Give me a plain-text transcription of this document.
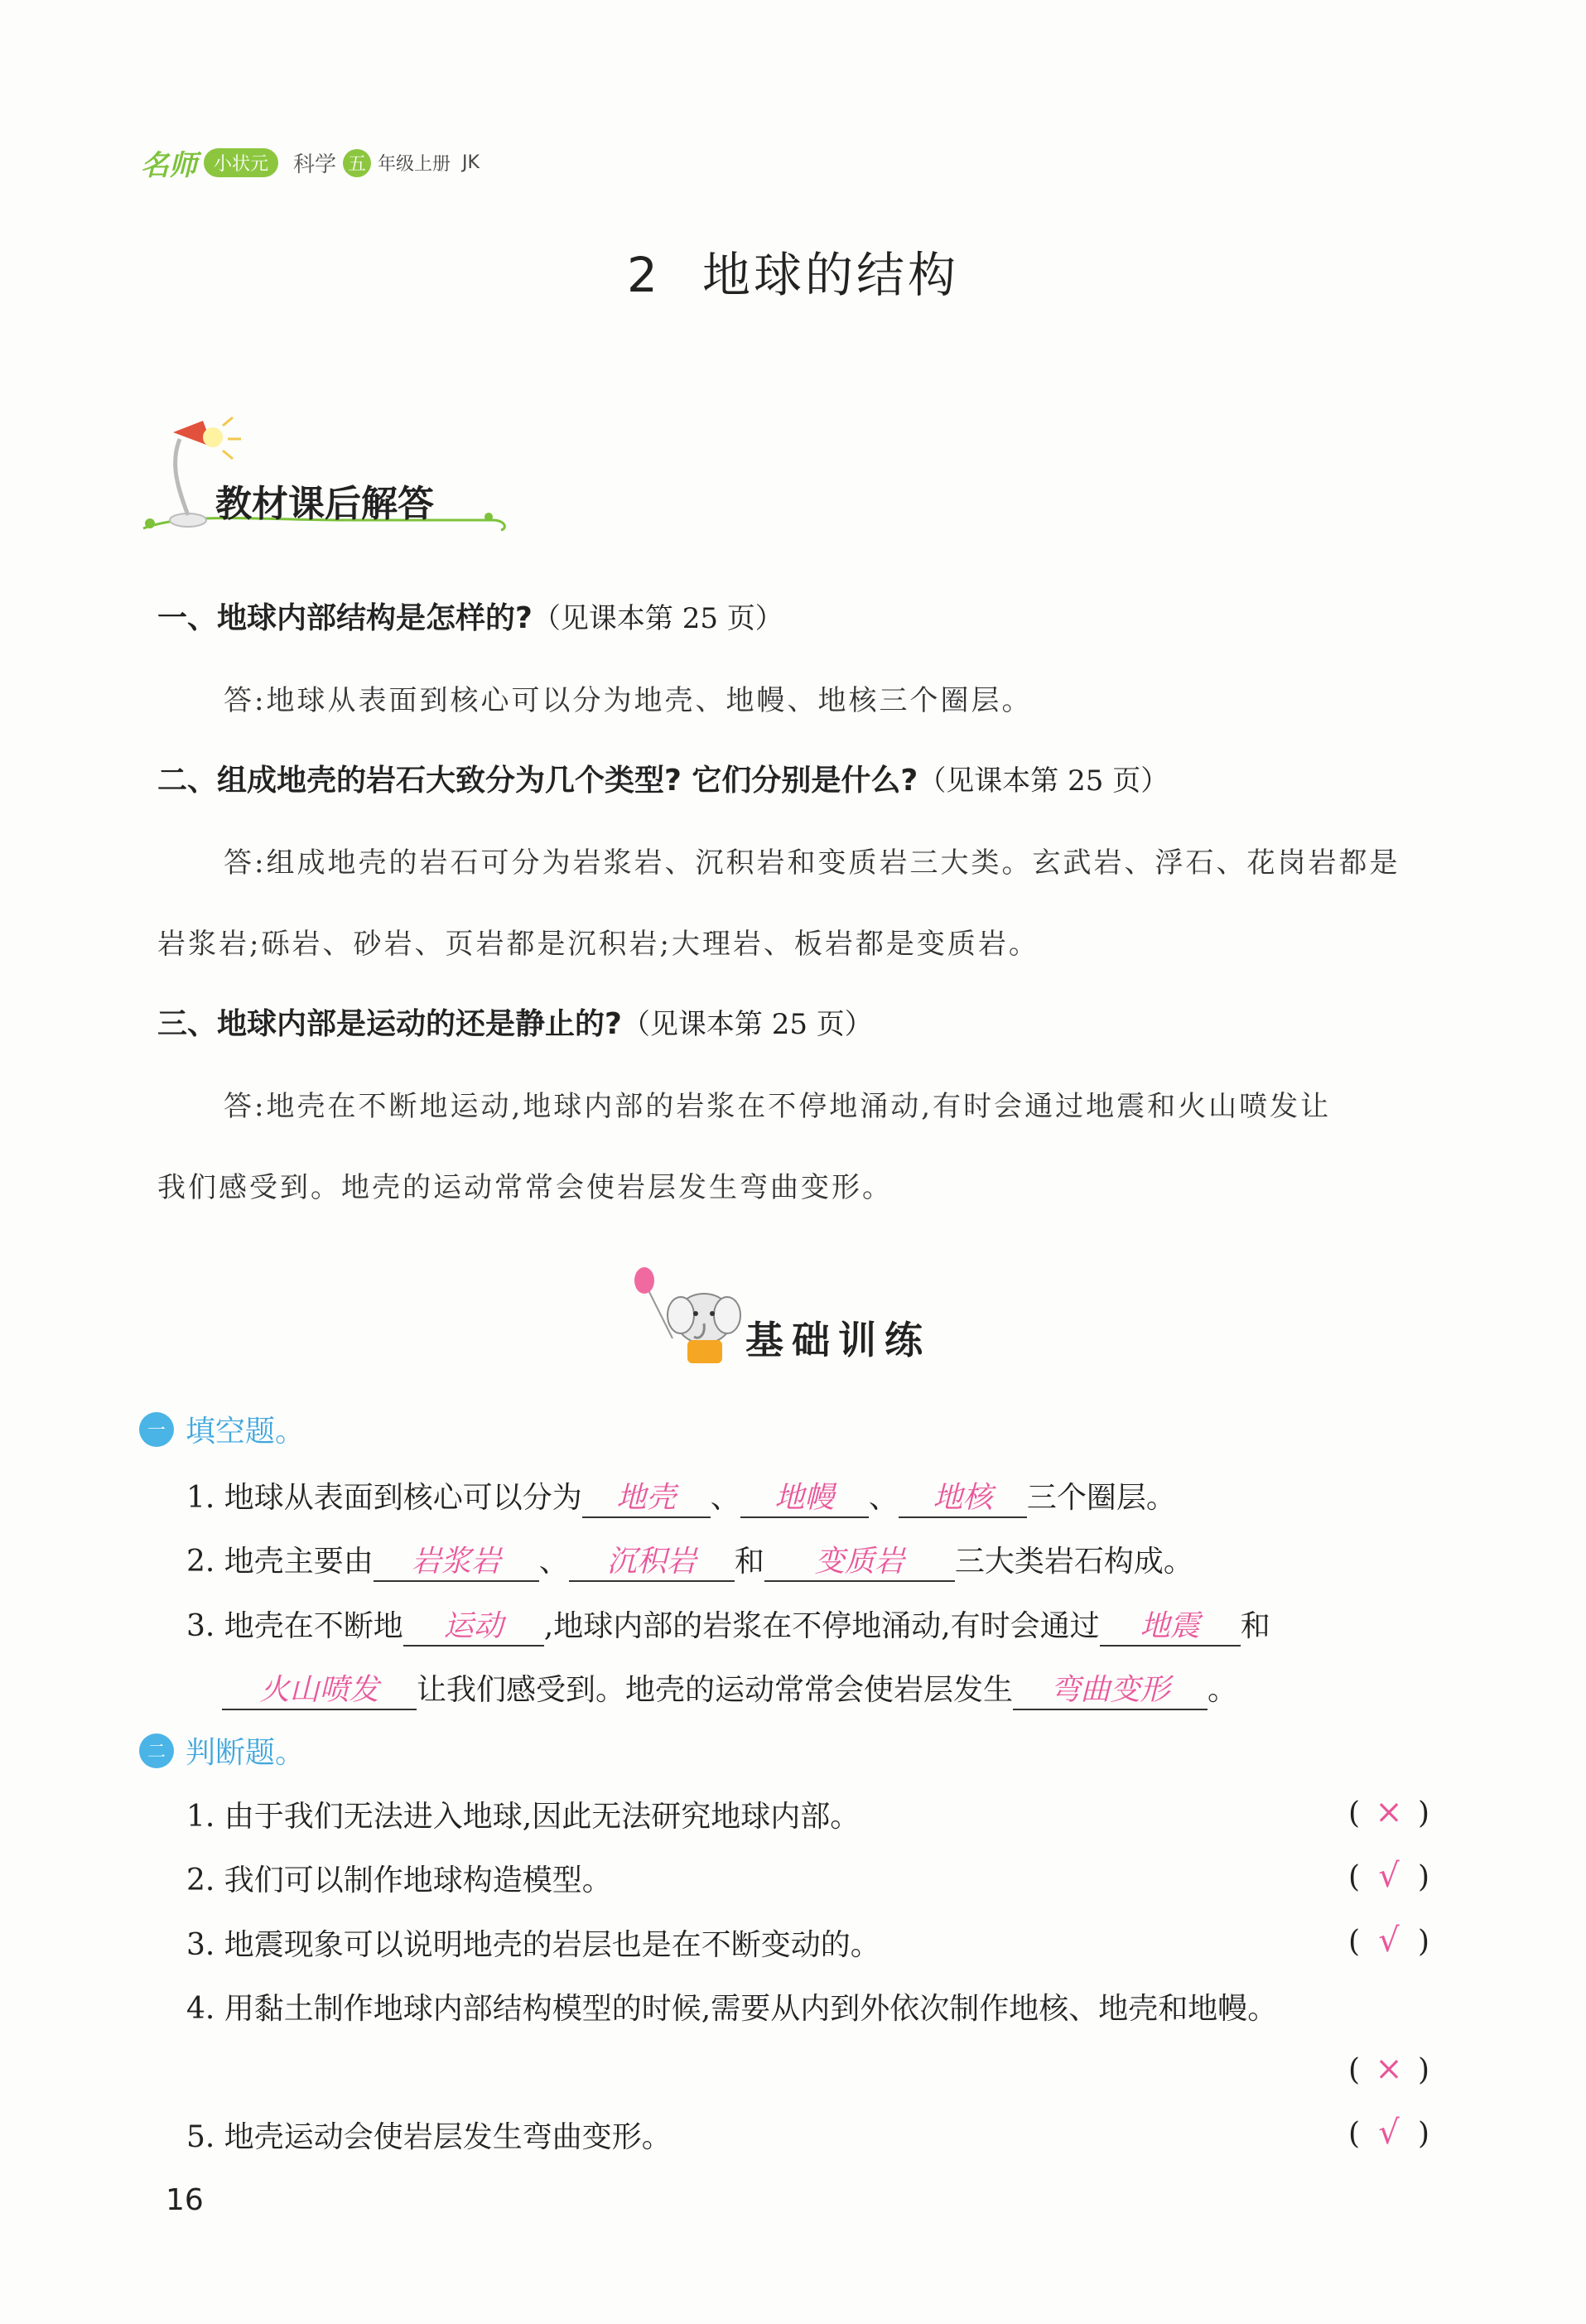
名师 小状元	科学 五 年级上册 JK
2 地球的结构
教材课后解答
一、地球内部结构是怎样的?（见课本第 25 页）
答:地球从表面到核心可以分为地壳、地幔、地核三个圈层。
二、组成地壳的岩石大致分为几个类型? 它们分别是什么?（见课本第 25 页）
答:组成地壳的岩石可分为岩浆岩、沉积岩和变质岩三大类。玄武岩、浮石、花岗岩都是
岩浆岩;砾岩、砂岩、页岩都是沉积岩;大理岩、板岩都是变质岩。
三、地球内部是运动的还是静止的?（见课本第 25 页）
答:地壳在不断地运动,地球内部的岩浆在不停地涌动,有时会通过地震和火山喷发让
我们感受到。地壳的运动常常会使岩层发生弯曲变形。
基础训练
一 填空题。
1. 地球从表面到核心可以分为 地壳 、 地幔 、 地核 三个圈层。
2. 地壳主要由 岩浆岩 、 沉积岩 和 变质岩 三大类岩石构成。
3. 地壳在不断地 运动 ,地球内部的岩浆在不停地涌动,有时会通过 地震 和
火山喷发 让我们感受到。地壳的运动常常会使岩层发生 弯曲变形 。
二 判断题。
1. 由于我们无法进入地球,因此无法研究地球内部。	( × )
2. 我们可以制作地球构造模型。	( √ )
3. 地震现象可以说明地壳的岩层也是在不断变动的。	( √ )
4. 用黏土制作地球内部结构模型的时候,需要从内到外依次制作地核、地壳和地幔。
( × )
5. 地壳运动会使岩层发生弯曲变形。	( √ )
16
